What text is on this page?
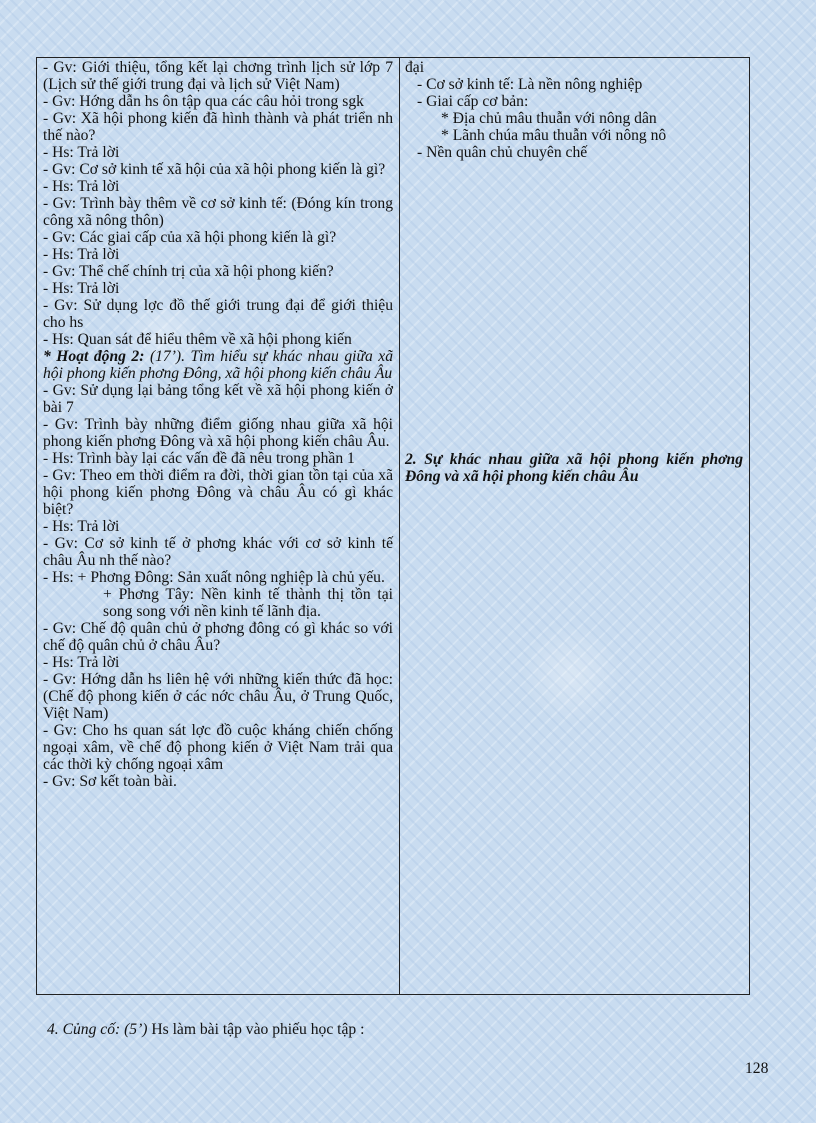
- Gv: Giới thiệu, tổng kết lại chơng trình lịch sử lớp 7 (Lịch sử thế giới trung đại và lịch sử Việt Nam)

- Gv: Hớng dẫn hs ôn tập qua các câu hỏi trong sgk

- Gv: Xã hội phong kiến đã hình thành và phát triển nh thế nào?

- Hs: Trả lời

- Gv: Cơ sở kinh tế xã hội của xã hội phong kiến là gì?

- Hs: Trả lời

- Gv: Trình bày thêm về cơ sở kinh tế: (Đóng kín trong công xã nông thôn)

- Gv: Các giai cấp của xã hội phong kiến là gì?

- Hs: Trả lời

- Gv: Thể chế chính trị của xã hội phong kiến?

- Hs: Trả lời

- Gv: Sử dụng lợc đồ thế giới trung đại để giới thiệu cho hs

- Hs: Quan sát để hiểu thêm về xã hội phong kiến

* Hoạt động 2: (17’). Tìm hiểu sự khác nhau giữa xã hội phong kiến phơng Đông, xã hội phong kiến châu Âu

- Gv: Sử dụng lại bảng tổng kết về xã hội phong kiến ở bài 7

- Gv: Trình bày những điểm giống nhau giữa xã hội phong kiến phơng Đông và xã hội phong kiến châu Âu.

- Hs: Trình bày lại các vấn đề đã nêu trong phần 1

- Gv: Theo em thời điểm ra đời, thời gian tồn tại của xã hội phong kiến phơng Đông và châu Âu có gì khác biệt?

- Hs: Trả lời

- Gv: Cơ sở kinh tế ở phơng khác với cơ sở kinh tế châu Âu nh thế nào?

- Hs: + Phơng Đông: Sản xuất nông nghiệp là chủ yếu.

+ Phơng Tây: Nền kinh tế thành thị tồn tại song song với nền kinh tế lãnh địa.

- Gv: Chế độ quân chủ ở phơng đông có gì khác so với chế độ quân chủ ở châu Âu?

- Hs: Trả lời

- Gv: Hớng dẫn hs liên hệ với những kiến thức đã học: (Chế độ phong kiến ở các nớc châu Âu, ở Trung Quốc, Việt Nam)

- Gv: Cho hs quan sát lợc đồ cuộc kháng chiến chống ngoại xâm, về chế độ phong kiến ở Việt Nam trải qua các thời kỳ chống ngoại xâm

- Gv: Sơ kết toàn bài.

đại

- Cơ sở kinh tế: Là nền nông nghiệp

- Giai cấp cơ bản:

* Địa chủ mâu thuẫn với nông dân

* Lãnh chúa mâu thuẫn với nông nô

- Nền quân chủ chuyên chế

2. Sự khác nhau giữa xã hội phong kiến phơng Đông và xã hội phong kiến châu Âu
4. Củng cố: (5’) Hs làm bài tập vào phiếu học tập :
128
